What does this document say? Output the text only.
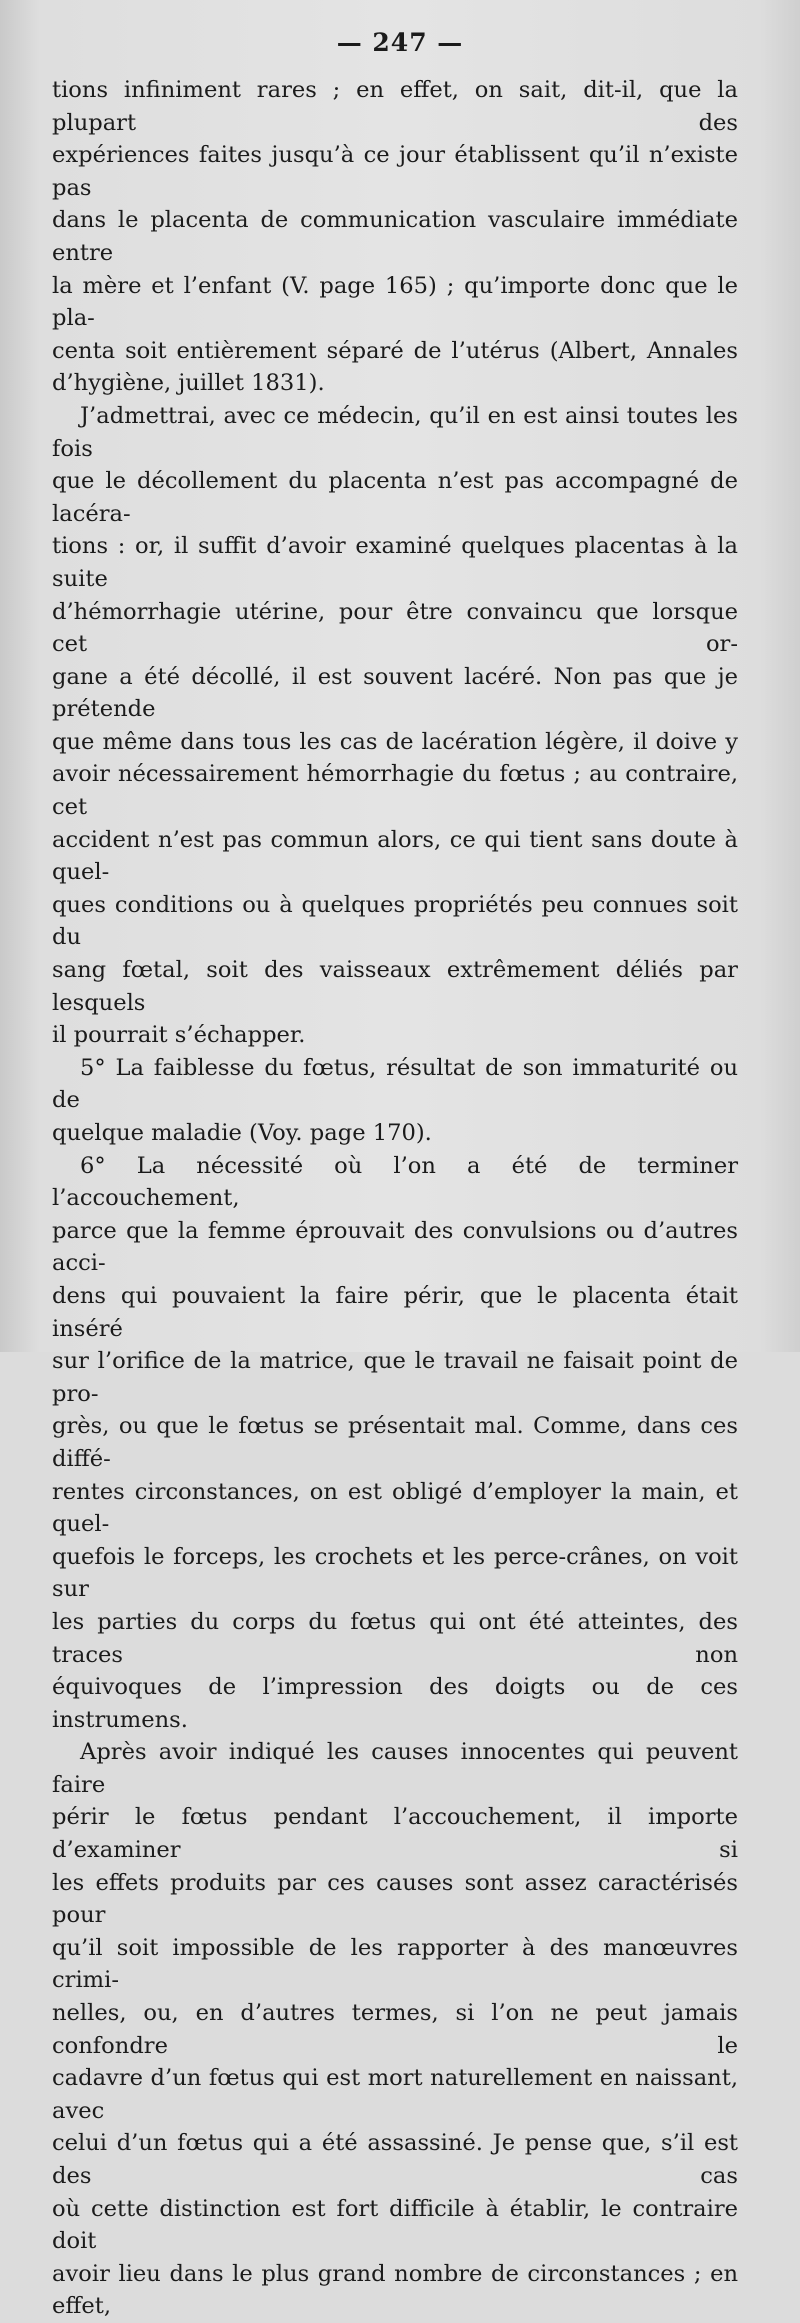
— 247 —

tions infiniment rares ; en effet, on sait, dit-il, que la plupart des
expériences faites jusqu’à ce jour établissent qu’il n’existe pas
dans le placenta de communication vasculaire immédiate entre
la mère et l’enfant (V. page 165) ; qu’importe donc que le pla-
centa soit entièrement séparé de l’utérus (Albert, Annales
d’hygiène, juillet 1831).

J’admettrai, avec ce médecin, qu’il en est ainsi toutes les fois
que le décollement du placenta n’est pas accompagné de lacéra-
tions : or, il suffit d’avoir examiné quelques placentas à la suite
d’hémorrhagie utérine, pour être convaincu que lorsque cet or-
gane a été décollé, il est souvent lacéré. Non pas que je prétende
que même dans tous les cas de lacération légère, il doive y
avoir nécessairement hémorrhagie du fœtus ; au contraire, cet
accident n’est pas commun alors, ce qui tient sans doute à quel-
ques conditions ou à quelques propriétés peu connues soit du
sang fœtal, soit des vaisseaux extrêmement déliés par lesquels
il pourrait s’échapper.

5° La faiblesse du fœtus, résultat de son immaturité ou de
quelque maladie (Voy. page 170).

6° La nécessité où l’on a été de terminer l’accouchement,
parce que la femme éprouvait des convulsions ou d’autres acci-
dens qui pouvaient la faire périr, que le placenta était inséré
sur l’orifice de la matrice, que le travail ne faisait point de pro-
grès, ou que le fœtus se présentait mal. Comme, dans ces diffé-
rentes circonstances, on est obligé d’employer la main, et quel-
quefois le forceps, les crochets et les perce-crânes, on voit sur
les parties du corps du fœtus qui ont été atteintes, des traces non
équivoques de l’impression des doigts ou de ces instrumens.

Après avoir indiqué les causes innocentes qui peuvent faire
périr le fœtus pendant l’accouchement, il importe d’examiner si
les effets produits par ces causes sont assez caractérisés pour
qu’il soit impossible de les rapporter à des manœuvres crimi-
nelles, ou, en d’autres termes, si l’on ne peut jamais confondre le
cadavre d’un fœtus qui est mort naturellement en naissant, avec
celui d’un fœtus qui a été assassiné. Je pense que, s’il est des cas
où cette distinction est fort difficile à établir, le contraire doit
avoir lieu dans le plus grand nombre de circonstances ; en effet,
